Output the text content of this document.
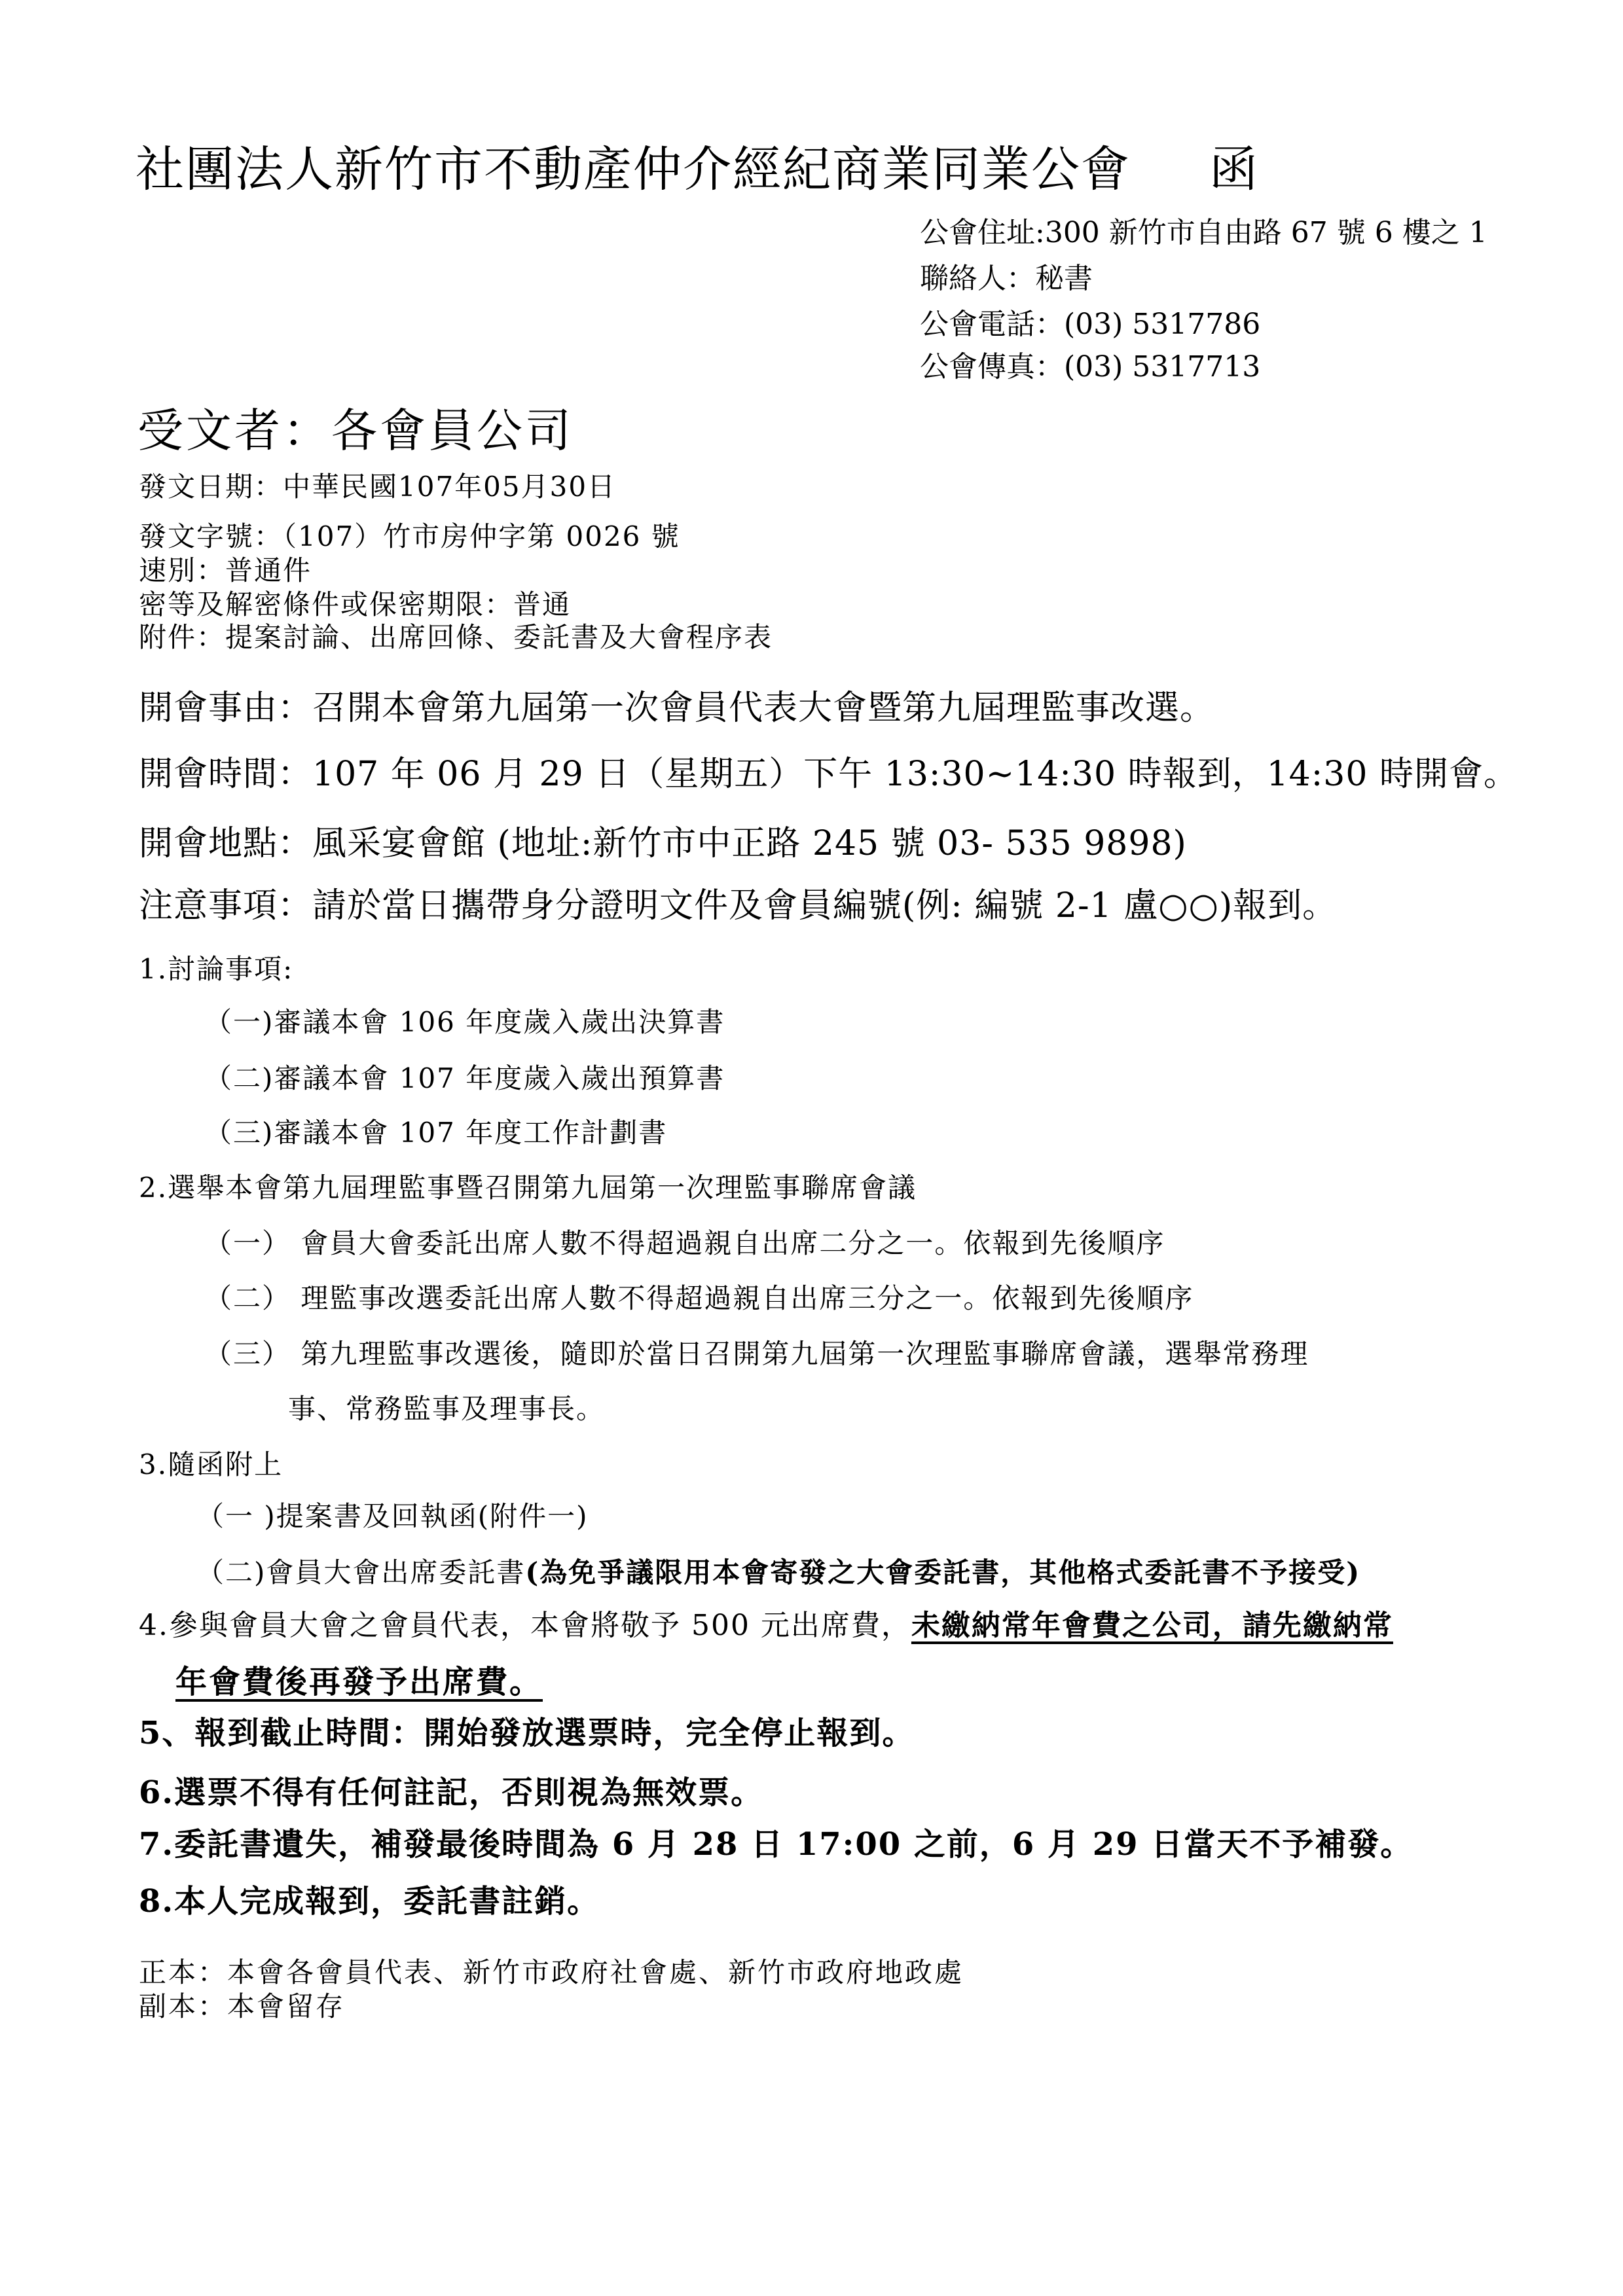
社團法人新竹市不動產仲介經紀商業同業公會 函
公會住址:300 新竹市自由路 67 號 6 樓之 1
聯絡人：秘書
公會電話：(03) 5317786
公會傳真：(03) 5317713
受文者：各會員公司
發文日期：中華民國107年05月30日
發文字號：（107）竹市房仲字第 0026 號
速別：普通件
密等及解密條件或保密期限：普通
附件：提案討論、出席回條、委託書及大會程序表
開會事由：召開本會第九屆第一次會員代表大會暨第九屆理監事改選。
開會時間：107 年 06 月 29 日（星期五）下午 13:30~14:30 時報到，14:30 時開會。
開會地點：風采宴會館 (地址:新竹市中正路 245 號 03- 535 9898)
注意事項：請於當日攜帶身分證明文件及會員編號(例: 編號 2-1 盧○○)報到。
1.討論事項:
（一)審議本會 106 年度歲入歲出決算書
（二)審議本會 107 年度歲入歲出預算書
（三)審議本會 107 年度工作計劃書
2.選舉本會第九屆理監事暨召開第九屆第一次理監事聯席會議
（一） 會員大會委託出席人數不得超過親自出席二分之一。依報到先後順序
（二） 理監事改選委託出席人數不得超過親自出席三分之一。依報到先後順序
（三） 第九理監事改選後，隨即於當日召開第九屆第一次理監事聯席會議，選舉常務理
事、常務監事及理事長。
3.隨函附上
（一 )提案書及回執函(附件一)
（二)會員大會出席委託書(為免爭議限用本會寄發之大會委託書，其他格式委託書不予接受)
4.參與會員大會之會員代表，本會將敬予 500 元出席費，未繳納常年會費之公司，請先繳納常
年會費後再發予出席費。
5、報到截止時間：開始發放選票時，完全停止報到。
6.選票不得有任何註記，否則視為無效票。
7.委託書遺失，補發最後時間為 6 月 28 日 17:00 之前，6 月 29 日當天不予補發。
8.本人完成報到，委託書註銷。
正本：本會各會員代表、新竹市政府社會處、新竹市政府地政處
副本：本會留存
